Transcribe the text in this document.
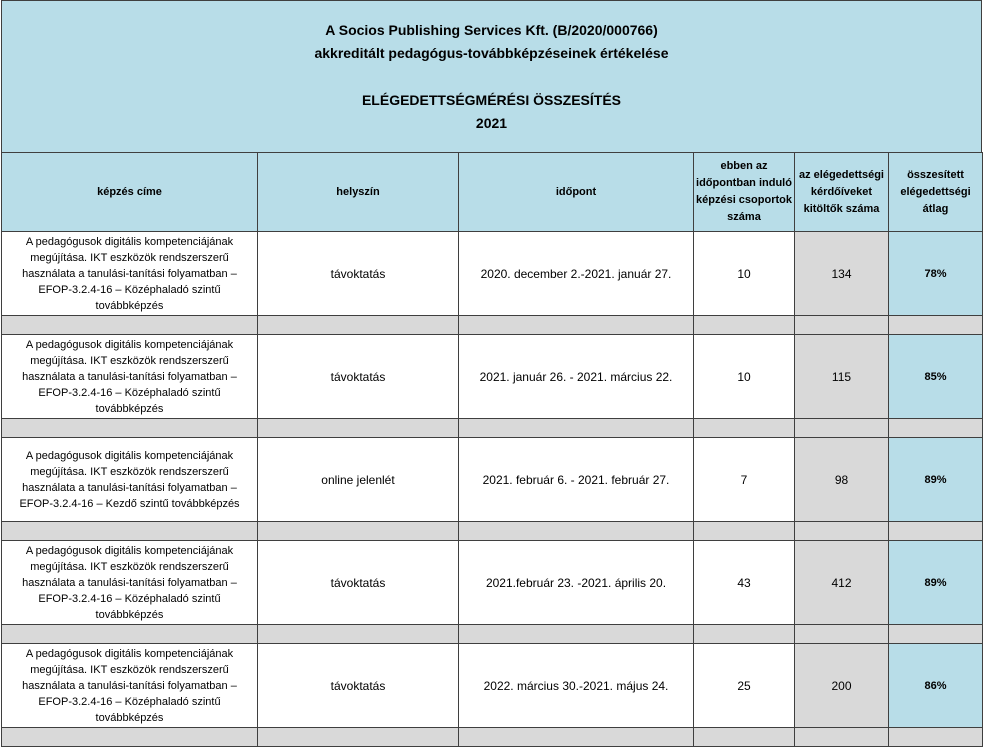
A Socios Publishing Services Kft. (B/2020/000766)
akkreditált pedagógus-továbbképzéseinek értékelése
ELÉGEDETTSÉGMÉRÉSI ÖSSZESÍTÉS
2021
képzés címe	helyszín	időpont	ebben az időpontban induló képzési csoportok száma	az elégedettségi kérdőíveket kitöltők száma	összesített elégedettségi átlag
A pedagógusok digitális kompetenciájának megújítása. IKT eszközök rendszerszerű használata a tanulási-tanítási folyamatban – EFOP-3.2.4-16 – Középhaladó szintű továbbképzés	távoktatás	2020. december 2.-2021. január 27.	10	134	78%

A pedagógusok digitális kompetenciájának megújítása. IKT eszközök rendszerszerű használata a tanulási-tanítási folyamatban – EFOP-3.2.4-16 – Középhaladó szintű továbbképzés	távoktatás	2021. január 26. - 2021. március 22.	10	115	85%

A pedagógusok digitális kompetenciájának megújítása. IKT eszközök rendszerszerű használata a tanulási-tanítási folyamatban – EFOP-3.2.4-16 – Kezdő szintű továbbképzés	online jelenlét	2021. február 6. - 2021. február 27.	7	98	89%

A pedagógusok digitális kompetenciájának megújítása. IKT eszközök rendszerszerű használata a tanulási-tanítási folyamatban – EFOP-3.2.4-16 – Középhaladó szintű továbbképzés	távoktatás	2021.február 23. -2021. április 20.	43	412	89%

A pedagógusok digitális kompetenciájának megújítása. IKT eszközök rendszerszerű használata a tanulási-tanítási folyamatban – EFOP-3.2.4-16 – Középhaladó szintű továbbképzés	távoktatás	2022. március 30.-2021. május 24.	25	200	86%
